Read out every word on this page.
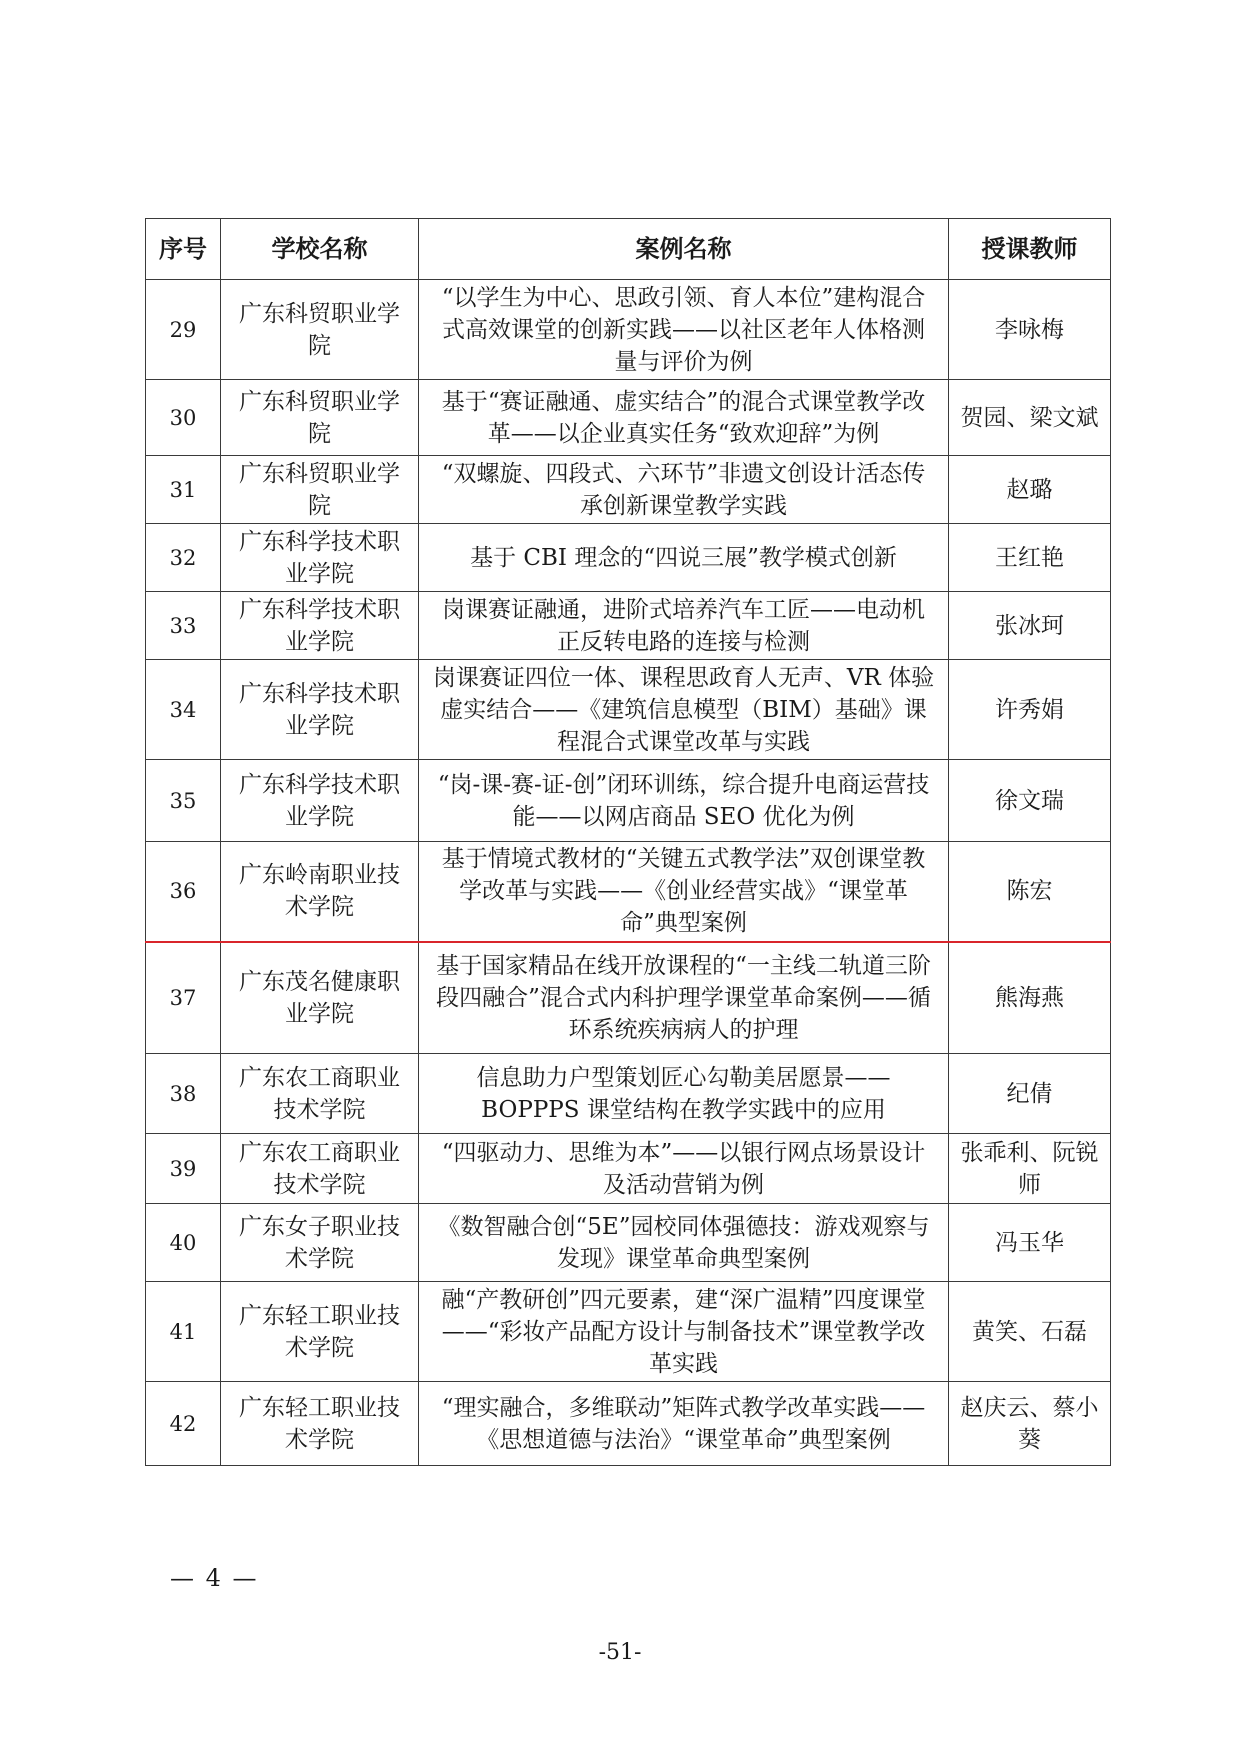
序号	学校名称	案例名称	授课教师
29	广东科贸职业学院	“以学生为中心、思政引领、育人本位”建构混合式高效课堂的创新实践——以社区老年人体格测量与评价为例	李咏梅
30	广东科贸职业学院	基于“赛证融通、虚实结合”的混合式课堂教学改革——以企业真实任务“致欢迎辞”为例	贺园、梁文斌
31	广东科贸职业学院	“双螺旋、四段式、六环节”非遗文创设计活态传承创新课堂教学实践	赵璐
32	广东科学技术职业学院	基于 CBI 理念的“四说三展”教学模式创新	王红艳
33	广东科学技术职业学院	岗课赛证融通，进阶式培养汽车工匠——电动机正反转电路的连接与检测	张冰珂
34	广东科学技术职业学院	岗课赛证四位一体、课程思政育人无声、VR 体验虚实结合——《建筑信息模型（BIM）基础》课程混合式课堂改革与实践	许秀娟
35	广东科学技术职业学院	“岗-课-赛-证-创”闭环训练，综合提升电商运营技能——以网店商品 SEO 优化为例	徐文瑞
36	广东岭南职业技术学院	基于情境式教材的“关键五式教学法”双创课堂教学改革与实践——《创业经营实战》“课堂革命”典型案例	陈宏
37	广东茂名健康职业学院	基于国家精品在线开放课程的“一主线二轨道三阶段四融合”混合式内科护理学课堂革命案例——循环系统疾病病人的护理	熊海燕
38	广东农工商职业技术学院	信息助力户型策划匠心勾勒美居愿景——BOPPPS 课堂结构在教学实践中的应用	纪倩
39	广东农工商职业技术学院	“四驱动力、思维为本”——以银行网点场景设计及活动营销为例	张乖利、阮锐师
40	广东女子职业技术学院	《数智融合创“5E”园校同体强德技：游戏观察与发现》课堂革命典型案例	冯玉华
41	广东轻工职业技术学院	融“产教研创”四元要素，建“深广温精”四度课堂——“彩妆产品配方设计与制备技术”课堂教学改革实践	黄笑、石磊
42	广东轻工职业技术学院	“理实融合，多维联动”矩阵式教学改革实践——《思想道德与法治》“课堂革命”典型案例	赵庆云、蔡小葵
— 4 —
-51-
